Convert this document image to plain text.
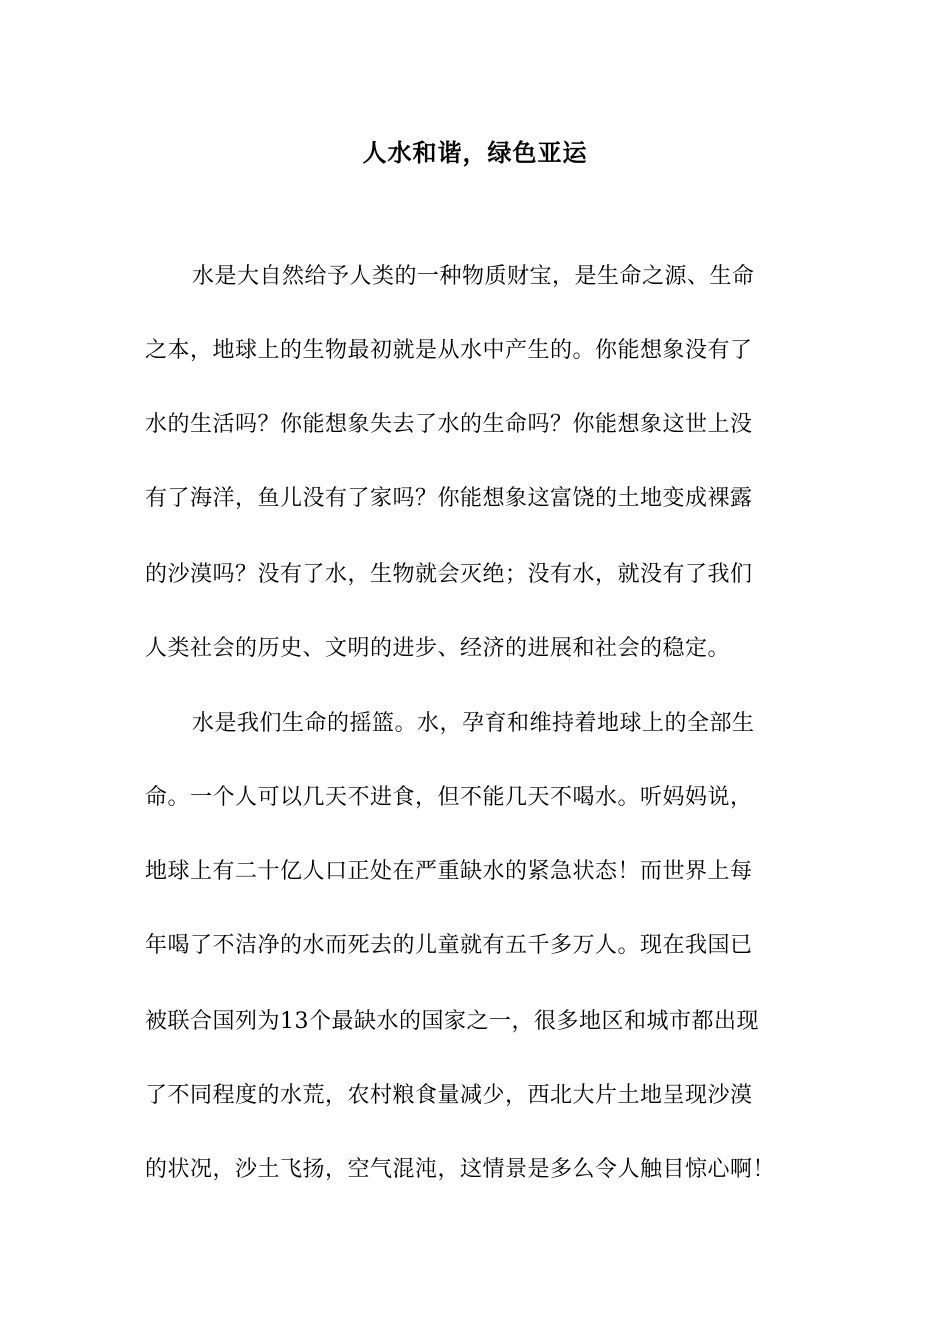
人水和谐，绿色亚运
水是大自然给予人类的一种物质财宝，是生命之源、生命
之本，地球上的生物最初就是从水中产生的。你能想象没有了
水的生活吗？你能想象失去了水的生命吗？你能想象这世上没
有了海洋，鱼儿没有了家吗？你能想象这富饶的土地变成裸露
的沙漠吗？没有了水，生物就会灭绝；没有水，就没有了我们
人类社会的历史、文明的进步、经济的进展和社会的稳定。
水是我们生命的摇篮。水，孕育和维持着地球上的全部生
命。一个人可以几天不进食，但不能几天不喝水。听妈妈说，
地球上有二十亿人口正处在严重缺水的紧急状态！而世界上每
年喝了不洁净的水而死去的儿童就有五千多万人。现在我国已
被联合国列为13个最缺水的国家之一，很多地区和城市都出现
了不同程度的水荒，农村粮食量减少，西北大片土地呈现沙漠
的状况，沙土飞扬，空气混沌，这情景是多么令人触目惊心啊！
